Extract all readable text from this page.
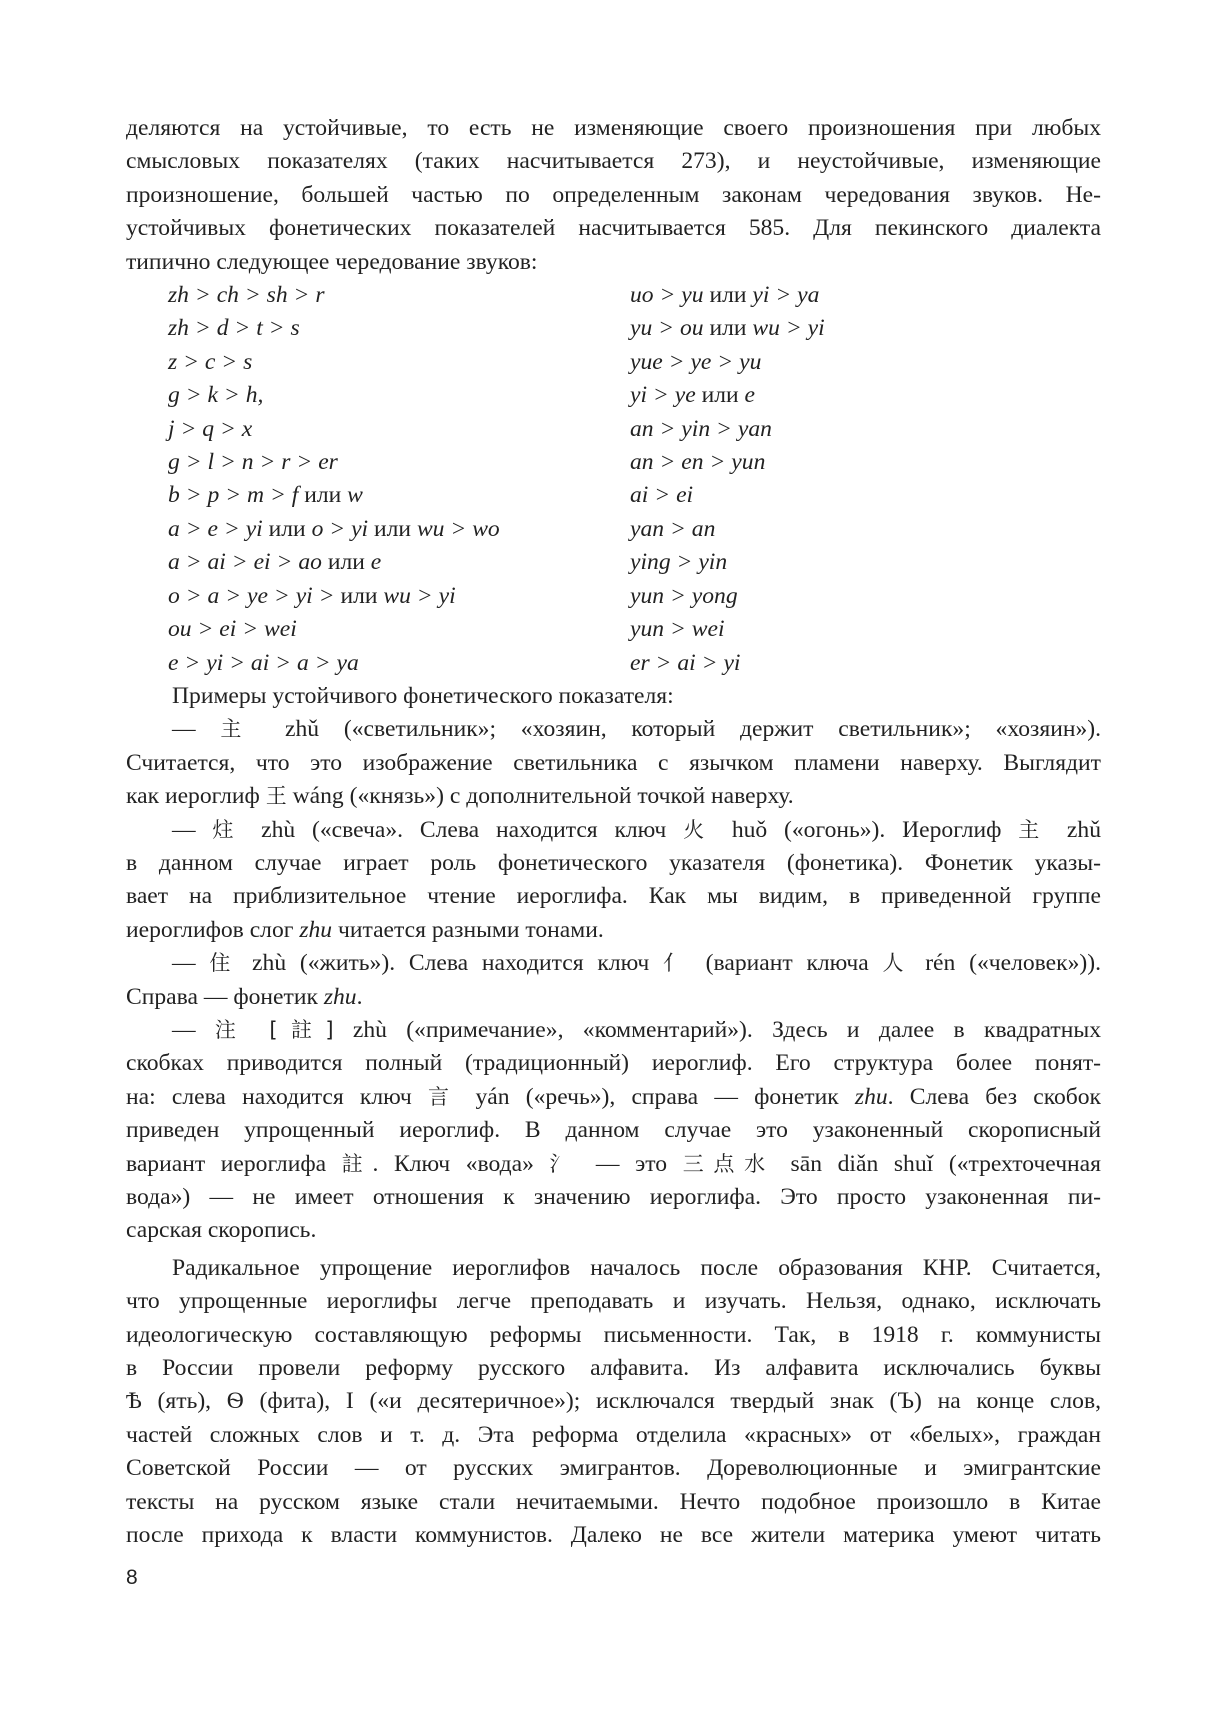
деляются на устойчивые, то есть не изменяющие своего произношения при любых
смысловых показателях (таких насчитывается 273), и неустойчивые, изменяющие
произношение, большей частью по определенным законам чередования звуков. Не-
устойчивых фонетических показателей насчитывается 585. Для пекинского диалекта
типично следующее чередование звуков:
zh > ch > sh > r	uo > yu или yi > ya
zh > d > t > s	yu > ou или wu > yi
z > c > s	yue > ye > yu
g > k > h,	yi > ye или e
j > q > x	an > yin > yan
g > l > n > r > er	an > en > yun
b > p > m > f или w	ai > ei
a > e > yi или o > yi или wu > wo	yan > an
a > ai > ei > ao или e	ying > yin
o > a > ye > yi > или wu > yi	yun > yong
ou > ei > wei	yun > wei
e > yi > ai > a > ya	er > ai > yi
Примеры устойчивого фонетического показателя:
— 主 zhǔ («светильник»; «хозяин, который держит светильник»; «хозяин»).
Считается, что это изображение светильника с язычком пламени наверху. Выглядит
как иероглиф 王 wáng («князь») с дополнительной точкой наверху.
— 炷 zhù («свеча». Слева находится ключ 火 huǒ («огонь»). Иероглиф 主 zhǔ
в данном случае играет роль фонетического указателя (фонетика). Фонетик указы-
вает на приблизительное чтение иероглифа. Как мы видим, в приведенной группе
иероглифов слог zhu читается разными тонами.
— 住 zhù («жить»). Слева находится ключ 亻 (вариант ключа 人 rén («человек»)).
Справа — фонетик zhu.
— 注 [註] zhù («примечание», «комментарий»). Здесь и далее в квадратных
скобках приводится полный (традиционный) иероглиф. Его структура более понят-
на: слева находится ключ 言 yán («речь»), справа — фонетик zhu. Слева без скобок
приведен упрощенный иероглиф. В данном случае это узаконенный скорописный
вариант иероглифа 註. Ключ «вода» 氵 — это 三点水 sān diǎn shuǐ («трехточечная
вода») — не имеет отношения к значению иероглифа. Это просто узаконенная пи-
сарская скоропись.
Радикальное упрощение иероглифов началось после образования КНР. Считается,
что упрощенные иероглифы легче преподавать и изучать. Нельзя, однако, исключать
идеологическую составляющую реформы письменности. Так, в 1918 г. коммунисты
в России провели реформу русского алфавита. Из алфавита исключались буквы
Ѣ (ять), Ѳ (фита), І («и десятеричное»); исключался твердый знак (Ъ) на конце слов,
частей сложных слов и т. д. Эта реформа отделила «красных» от «белых», граждан
Советской России — от русских эмигрантов. Дореволюционные и эмигрантские
тексты на русском языке стали нечитаемыми. Нечто подобное произошло в Китае
после прихода к власти коммунистов. Далеко не все жители материка умеют читать
8
